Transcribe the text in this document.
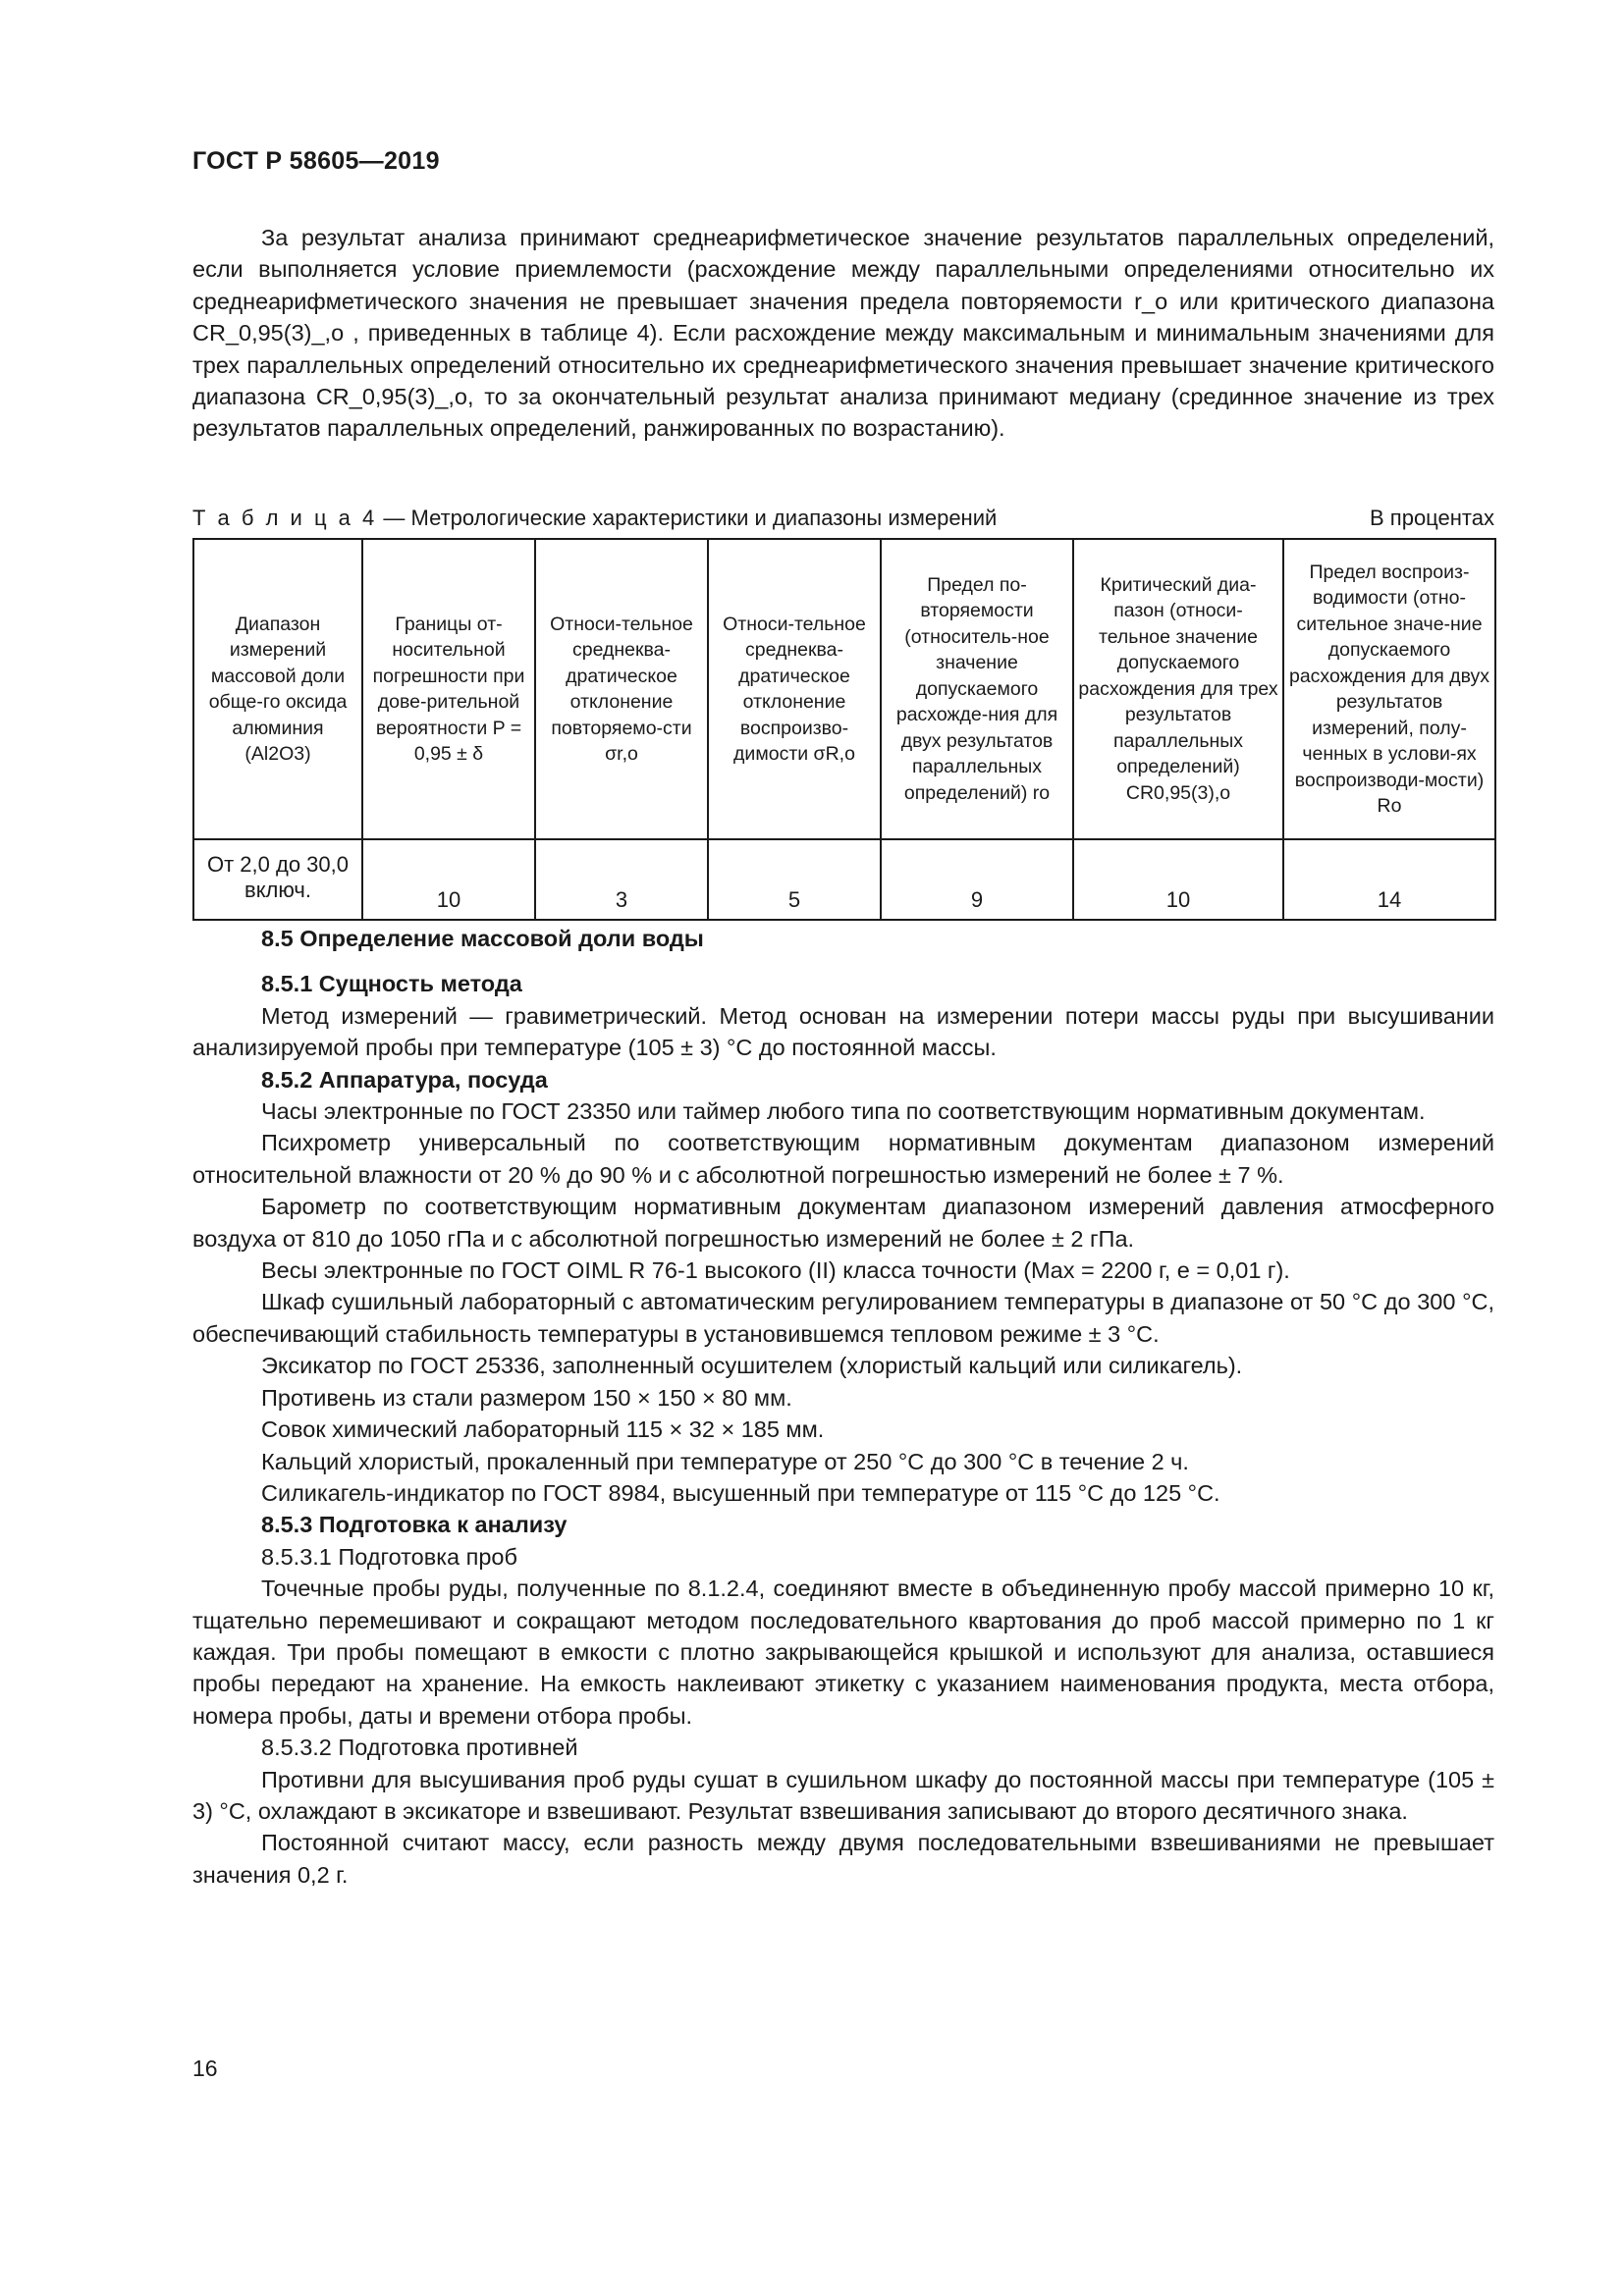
ГОСТ Р 58605—2019

За результат анализа принимают среднеарифметическое значение результатов параллельных определений, если выполняется условие приемлемости (расхождение между параллельными определениями относительно их среднеарифметического значения не превышает значения предела повторяемости r_о или критического диапазона CR_0,95(3)_,о , приведенных в таблице 4). Если расхождение между максимальным и минимальным значениями для трех параллельных определений относительно их среднеарифметического значения превышает значение критического диапазона CR_0,95(3)_,о, то за окончательный результат анализа принимают медиану (срединное значение из трех результатов параллельных определений, ранжированных по возрастанию).

Т а б л и ц а 4 — Метрологические характеристики и диапазоны измерений	В процентах
Диапазон измерений массовой доли обще-го оксида алюминия (Al2O3)	Границы от-носительной погрешности при дове-рительной вероятности P = 0,95 ± δ	Относи-тельное среднеква-дратическое отклонение повторяемо-сти σr,о	Относи-тельное среднеква-дратическое отклонение воспроизво-димости σR,о	Предел по-вторяемости (относитель-ное значение допускаемого расхожде-ния для двух результатов параллельных определений) rо	Критический диа-пазон (относи-тельное значение допускаемого расхождения для трех результатов параллельных определений) CR0,95(3),о	Предел воспроиз-водимости (отно-сительное значе-ние допускаемого расхождения для двух результатов измерений, полу-ченных в услови-ях воспроизводи-мости) Rо
От 2,0 до 30,0 включ.	10	3	5	9	10	14

8.5 Определение массовой доли воды

8.5.1 Сущность метода

Метод измерений — гравиметрический. Метод основан на измерении потери массы руды при высушивании анализируемой пробы при температуре (105 ± 3) °С до постоянной массы.

8.5.2 Аппаратура, посуда

Часы электронные по ГОСТ 23350 или таймер любого типа по соответствующим нормативным документам.

Психрометр универсальный по соответствующим нормативным документам диапазоном измерений относительной влажности от 20 % до 90 % и с абсолютной погрешностью измерений не более ± 7 %.

Барометр по соответствующим нормативным документам диапазоном измерений давления атмосферного воздуха от 810 до 1050 гПа и с абсолютной погрешностью измерений не более ± 2 гПа.

Весы электронные по ГОСТ OIML R 76-1 высокого (II) класса точности (Max = 2200 г, e = 0,01 г).

Шкаф сушильный лабораторный с автоматическим регулированием температуры в диапазоне от 50 °С до 300 °С, обеспечивающий стабильность температуры в установившемся тепловом режиме ± 3 °С.

Эксикатор по ГОСТ 25336, заполненный осушителем (хлористый кальций или силикагель).

Противень из стали размером 150 × 150 × 80 мм.

Совок химический лабораторный 115 × 32 × 185 мм.

Кальций хлористый, прокаленный при температуре от 250 °С до 300 °С в течение 2 ч.

Силикагель-индикатор по ГОСТ 8984, высушенный при температуре от 115 °С до 125 °С.

8.5.3 Подготовка к анализу

8.5.3.1 Подготовка проб

Точечные пробы руды, полученные по 8.1.2.4, соединяют вместе в объединенную пробу массой примерно 10 кг, тщательно перемешивают и сокращают методом последовательного квартования до проб массой примерно по 1 кг каждая. Три пробы помещают в емкости с плотно закрывающейся крышкой и используют для анализа, оставшиеся пробы передают на хранение. На емкость наклеивают этикетку с указанием наименования продукта, места отбора, номера пробы, даты и времени отбора пробы.

8.5.3.2 Подготовка противней

Противни для высушивания проб руды сушат в сушильном шкафу до постоянной массы при температуре (105 ± 3) °С, охлаждают в эксикаторе и взвешивают. Результат взвешивания записывают до второго десятичного знака.

Постоянной считают массу, если разность между двумя последовательными взвешиваниями не превышает значения 0,2 г.

16
